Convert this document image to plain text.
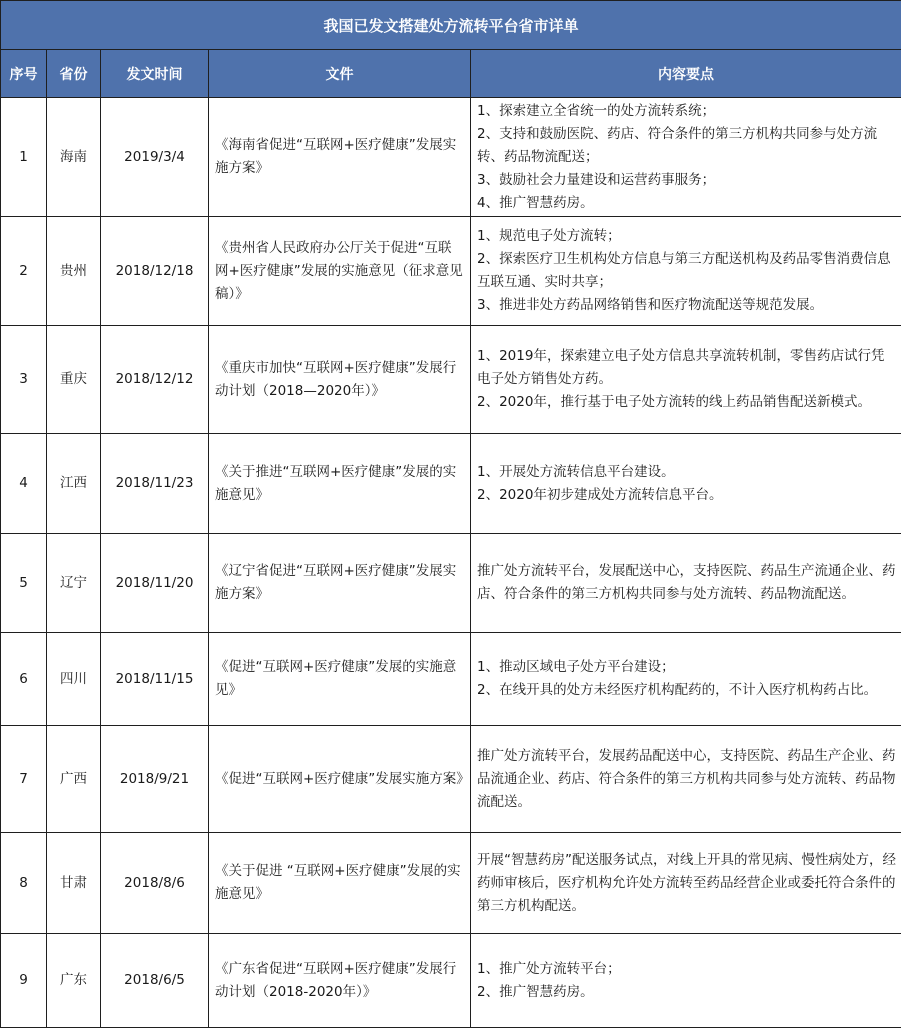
我国已发文搭建处方流转平台省市详单				
序号	省份	发文时间	文件	内容要点
1	海南	2019/3/4	《海南省促进“互联网+医疗健康”发展实施方案》	1、探索建立全省统一的处方流转系统；
2、支持和鼓励医院、药店、符合条件的第三方机构共同参与处方流转、药品物流配送；
3、鼓励社会力量建设和运营药事服务；
4、推广智慧药房。

2	贵州	2018/12/18	《贵州省人民政府办公厅关于促进“互联网+医疗健康”发展的实施意见（征求意见稿）》	1、规范电子处方流转；
2、探索医疗卫生机构处方信息与第三方配送机构及药品零售消费信息互联互通、实时共享；
3、推进非处方药品网络销售和医疗物流配送等规范发展。

3	重庆	2018/12/12	《重庆市加快“互联网+医疗健康”发展行动计划（2018—2020年）》	1、2019年，探索建立电子处方信息共享流转机制，零售药店试行凭电子处方销售处方药。
2、2020年，推行基于电子处方流转的线上药品销售配送新模式。

4	江西	2018/11/23	《关于推进“互联网+医疗健康”发展的实施意见》	1、开展处方流转信息平台建设。
2、2020年初步建成处方流转信息平台。

5	辽宁	2018/11/20	《辽宁省促进“互联网+医疗健康”发展实施方案》	推广处方流转平台，发展配送中心，支持医院、药品生产流通企业、药店、符合条件的第三方机构共同参与处方流转、药品物流配送。

6	四川	2018/11/15	《促进“互联网+医疗健康”发展的实施意见》	1、推动区域电子处方平台建设；
2、在线开具的处方未经医疗机构配药的，不计入医疗机构药占比。

7	广西	2018/9/21	《促进“互联网+医疗健康”发展实施方案》	推广处方流转平台，发展药品配送中心，支持医院、药品生产企业、药品流通企业、药店、符合条件的第三方机构共同参与处方流转、药品物流配送。

8	甘肃	2018/8/6	《关于促进 “互联网+医疗健康”发展的实施意见》	开展“智慧药房”配送服务试点，对线上开具的常见病、慢性病处方，经药师审核后，医疗机构允许处方流转至药品经营企业或委托符合条件的第三方机构配送。

9	广东	2018/6/5	《广东省促进“互联网+医疗健康”发展行动计划（2018-2020年）》	1、推广处方流转平台；
2、推广智慧药房。
